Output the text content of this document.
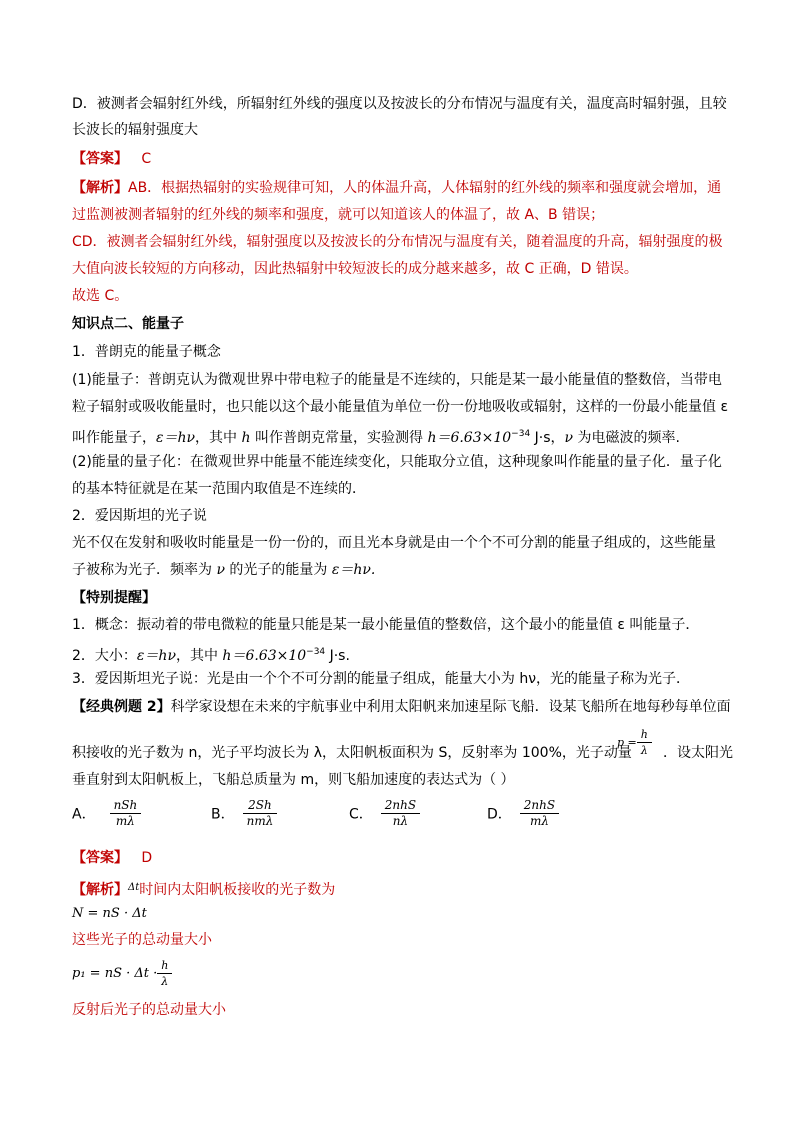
D．被测者会辐射红外线，所辐射红外线的强度以及按波长的分布情况与温度有关，温度高时辐射强，且较
长波长的辐射强度大
【答案】 C
【解析】AB．根据热辐射的实验规律可知，人的体温升高，人体辐射的红外线的频率和强度就会增加，通
过监测被测者辐射的红外线的频率和强度，就可以知道该人的体温了，故 A、B 错误；
CD．被测者会辐射红外线，辐射强度以及按波长的分布情况与温度有关，随着温度的升高，辐射强度的极
大值向波长较短的方向移动，因此热辐射中较短波长的成分越来越多，故 C 正确，D 错误。
故选 C。
知识点二、能量子
1．普朗克的能量子概念
(1)能量子：普朗克认为微观世界中带电粒子的能量是不连续的，只能是某一最小能量值的整数倍，当带电
粒子辐射或吸收能量时，也只能以这个最小能量值为单位一份一份地吸收或辐射，这样的一份最小能量值 ε
叫作能量子，ε＝hν，其中 h 叫作普朗克常量，实验测得 $h=6.63\times 10^{-34}$ J·s，ν 为电磁波的频率.
(2)能量的量子化：在微观世界中能量不能连续变化，只能取分立值，这种现象叫作能量的量子化．量子化
的基本特征就是在某一范围内取值是不连续的．
2．爱因斯坦的光子说
光不仅在发射和吸收时能量是一份一份的，而且光本身就是由一个个不可分割的能量子组成的，这些能量
子被称为光子．频率为 ν 的光子的能量为 ε＝hν.
【特别提醒】
1．概念：振动着的带电微粒的能量只能是某一最小能量值的整数倍，这个最小的能量值 ε 叫能量子．
2．大小：ε＝hν，其中 $h=6.63\times 10^{-34}$ J·s.
3．爱因斯坦光子说：光是由一个个不可分割的能量子组成，能量大小为 hν，光的能量子称为光子．
【经典例题 2】科学家设想在未来的宇航事业中利用太阳帆来加速星际飞船．设某飞船所在地每秒每单位面
积接收的光子数为 n，光子平均波长为 λ，太阳帆板面积为 S，反射率为 100%，光子动量
$p = \frac{h}{\lambda}$ ．设太阳光
垂直射到太阳帆板上，飞船总质量为 m，则飞船加速度的表达式为（ ）
A． $\frac{\text{nSh}}{m\lambda}$	B． $\frac{2Sh}{\text{nmλ}}$	C． $\frac{\text{2nhS}}{n\lambda}$	D． $\frac{\text{2nhS}}{m\lambda}$
【答案】 D
【解析】$^{\Delta t}$时间内太阳帆板接收的光子数为
N = nS · Δt
这些光子的总动量大小
p₁ = nS · $\Delta t \cdot \frac{h}{\lambda}$
反射后光子的总动量大小
